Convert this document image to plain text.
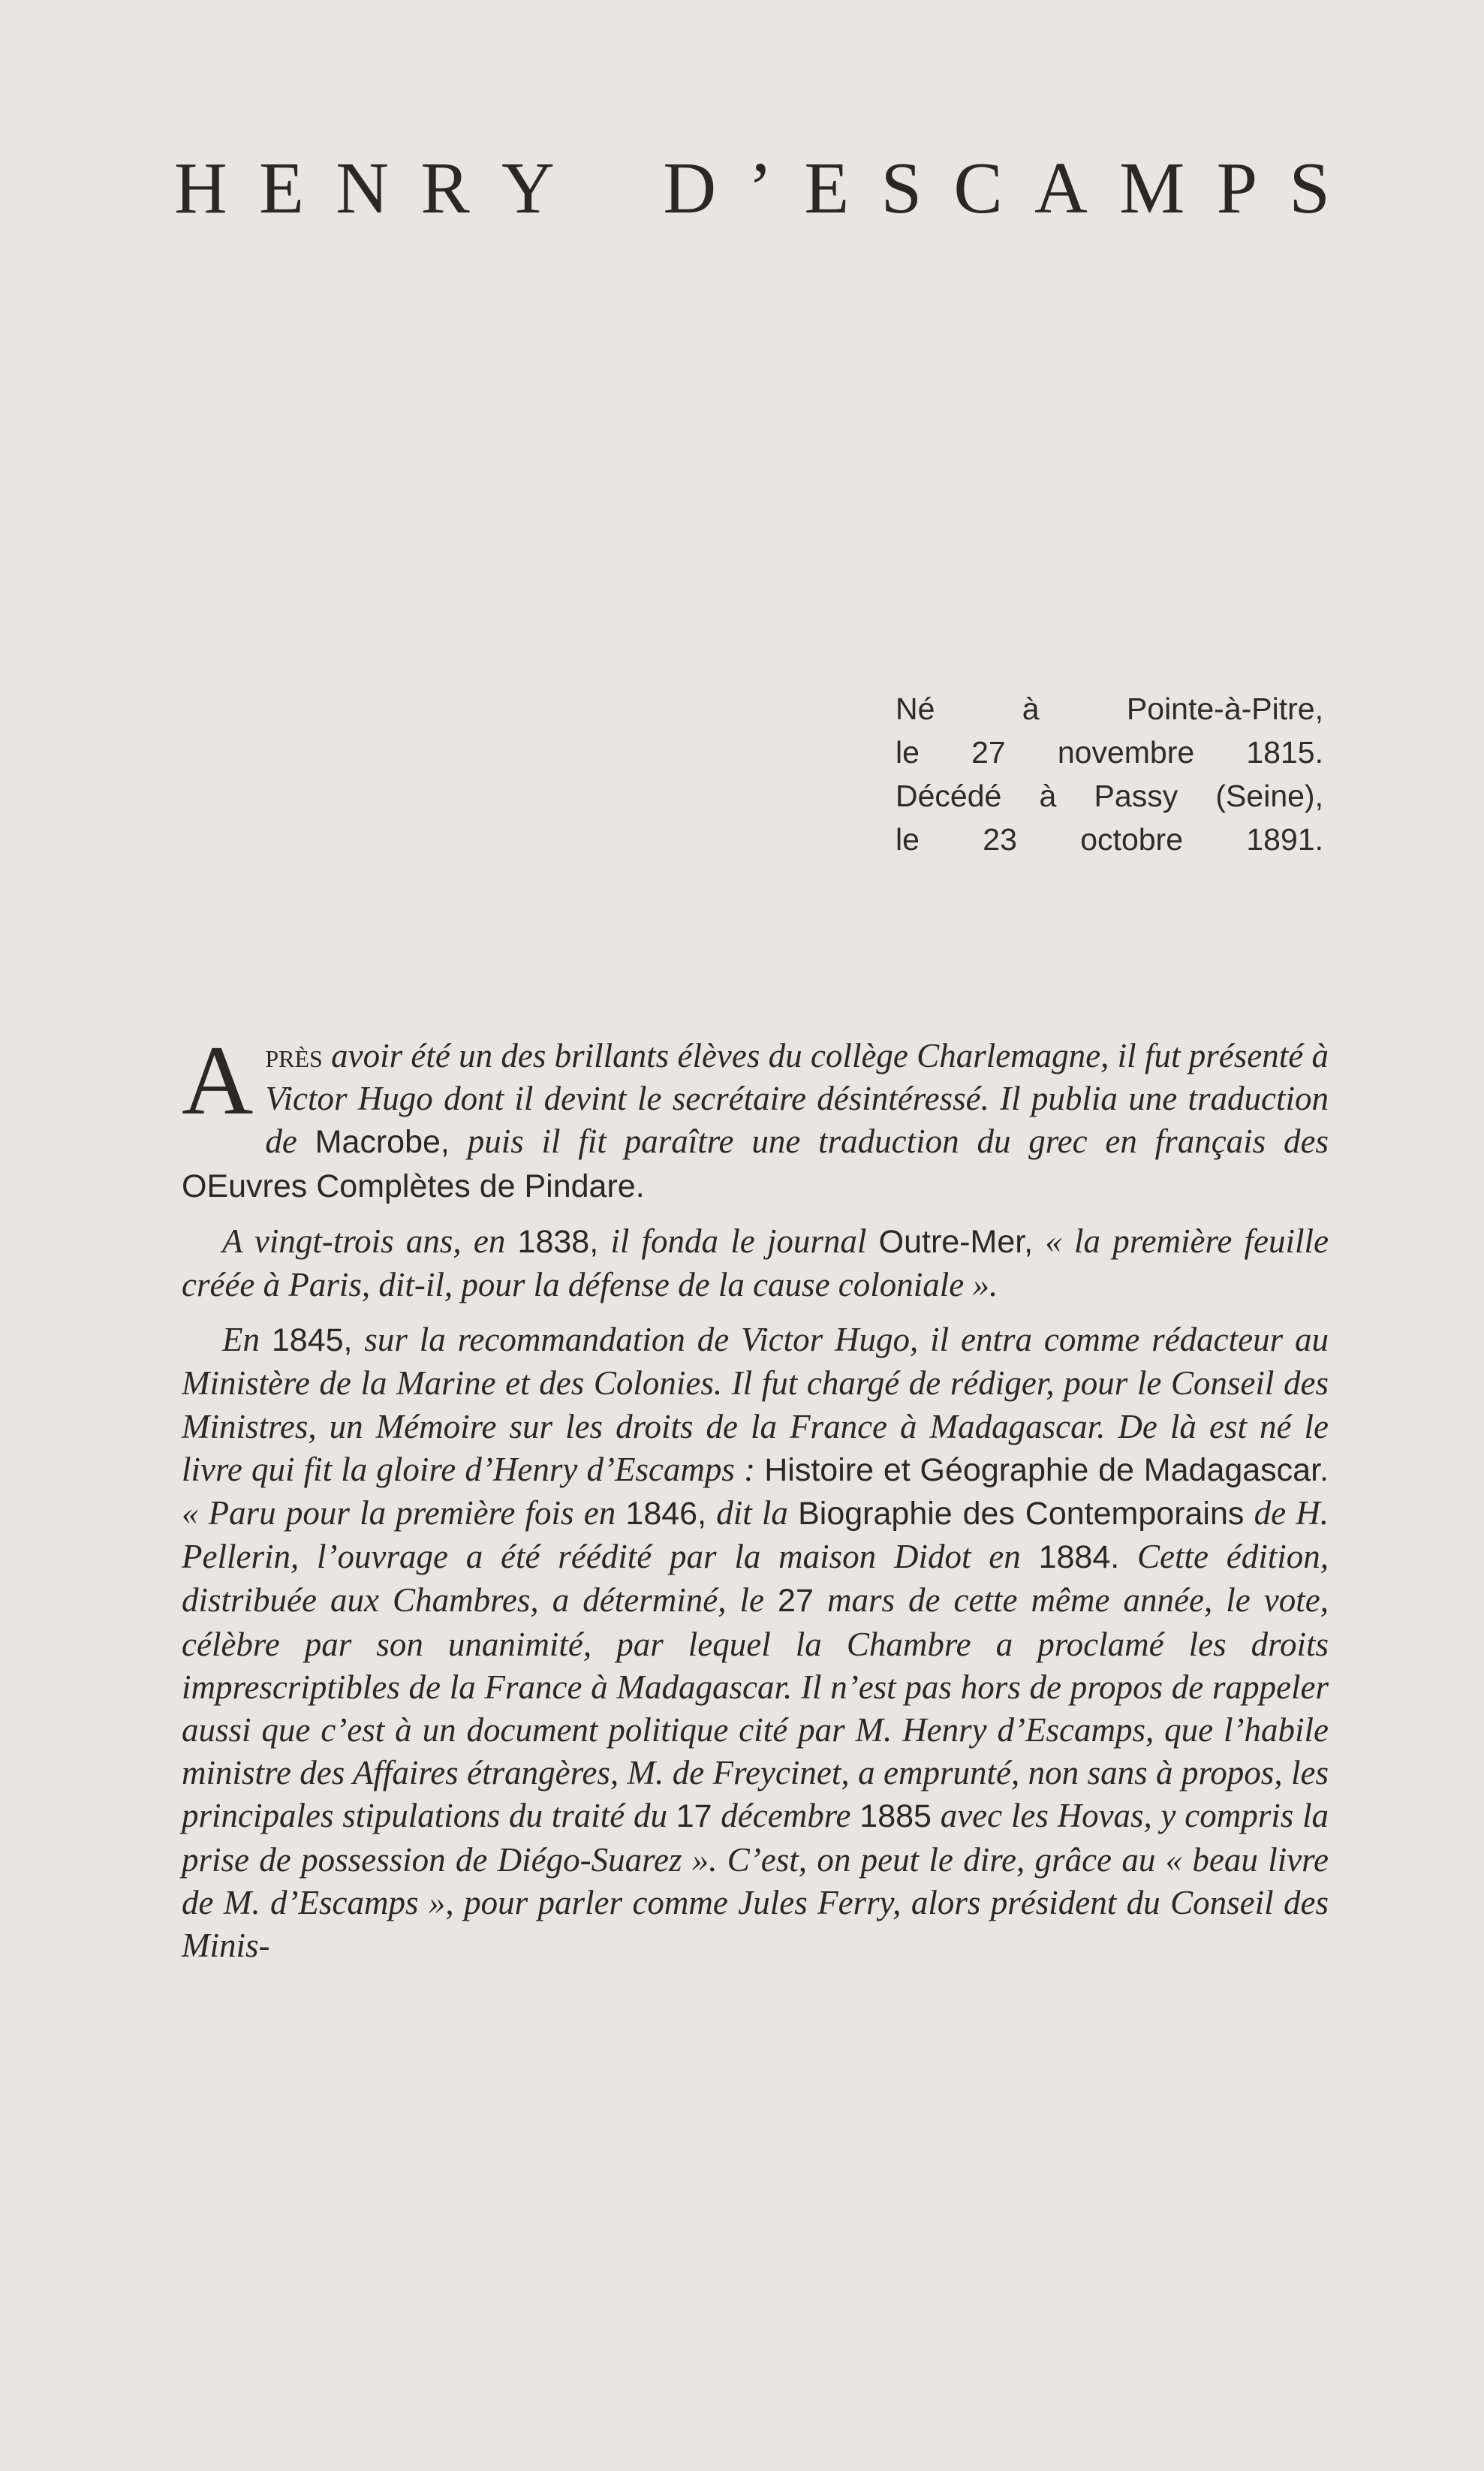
H E N R Y D ’ E S C A M P S
Né	à	Pointe-à-Pitre,
le 27 novembre 1815.
Décédé à Passy (Seine),
le 23 octobre 1891.

Après avoir été un des brillants élèves du collège Charlemagne, il fut présenté à Victor Hugo dont il devint le secrétaire désintéressé. Il publia une traduction de Macrobe, puis il fit paraître une traduction du grec en français des OEuvres Complètes de Pindare.

A vingt-trois ans, en 1838, il fonda le journal Outre-Mer, « la première feuille créée à Paris, dit-il, pour la défense de la cause coloniale ».

En 1845, sur la recommandation de Victor Hugo, il entra comme rédacteur au Ministère de la Marine et des Colonies. Il fut chargé de rédiger, pour le Conseil des Ministres, un Mémoire sur les droits de la France à Madagascar. De là est né le livre qui fit la gloire d’Henry d’Escamps : Histoire et Géographie de Madagascar. « Paru pour la première fois en 1846, dit la Biographie des Contemporains de H. Pellerin, l’ouvrage a été réédité par la maison Didot en 1884. Cette édition, distribuée aux Chambres, a déterminé, le 27 mars de cette même année, le vote, célèbre par son unanimité, par lequel la Chambre a proclamé les droits imprescriptibles de la France à Madagascar. Il n’est pas hors de propos de rappeler aussi que c’est à un document politique cité par M. Henry d’Escamps, que l’habile ministre des Affaires étrangères, M. de Freycinet, a emprunté, non sans à propos, les principales stipulations du traité du 17 décembre 1885 avec les Hovas, y compris la prise de possession de Diégo-Suarez ». C’est, on peut le dire, grâce au « beau livre de M. d’Escamps », pour parler comme Jules Ferry, alors président du Conseil des Minis-
